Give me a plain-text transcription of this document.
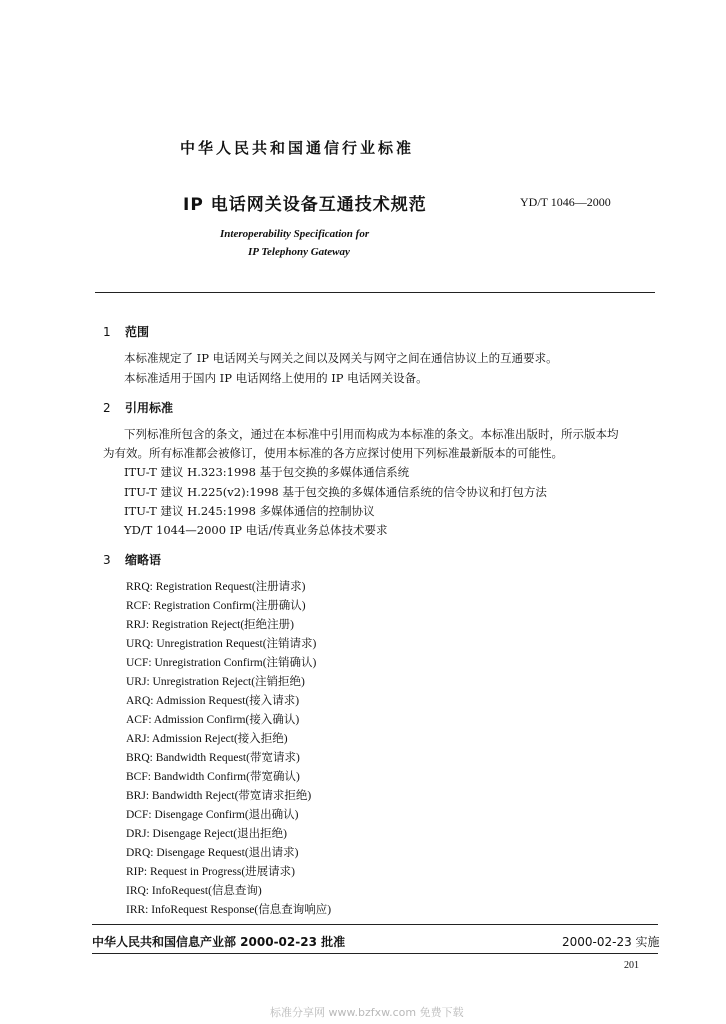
中华人民共和国通信行业标准
IP 电话网关设备互通技术规范	YD/T 1046—2000
Interoperability Specification for
IP Telephony Gateway
1 范围
本标准规定了 IP 电话网关与网关之间以及网关与网守之间在通信协议上的互通要求。
本标准适用于国内 IP 电话网络上使用的 IP 电话网关设备。
2 引用标准
下列标准所包含的条文，通过在本标准中引用而构成为本标准的条文。本标准出版时，所示版本均
为有效。所有标准都会被修订，使用本标准的各方应探讨使用下列标准最新版本的可能性。
ITU-T 建议 H.323:1998 基于包交换的多媒体通信系统
ITU-T 建议 H.225(v2):1998 基于包交换的多媒体通信系统的信令协议和打包方法
ITU-T 建议 H.245:1998 多媒体通信的控制协议
YD/T 1044—2000 IP 电话/传真业务总体技术要求
3 缩略语
RRQ: Registration Request(注册请求)
RCF: Registration Confirm(注册确认)
RRJ: Registration Reject(拒绝注册)
URQ: Unregistration Request(注销请求)
UCF: Unregistration Confirm(注销确认)
URJ: Unregistration Reject(注销拒绝)
ARQ: Admission Request(接入请求)
ACF: Admission Confirm(接入确认)
ARJ: Admission Reject(接入拒绝)
BRQ: Bandwidth Request(带宽请求)
BCF: Bandwidth Confirm(带宽确认)
BRJ: Bandwidth Reject(带宽请求拒绝)
DCF: Disengage Confirm(退出确认)
DRJ: Disengage Reject(退出拒绝)
DRQ: Disengage Request(退出请求)
RIP: Request in Progress(进展请求)
IRQ: InfoRequest(信息查询)
IRR: InfoRequest Response(信息查询响应)
中华人民共和国信息产业部 2000-02-23 批准	2000-02-23 实施
201
标准分享网 www.bzfxw.com 免费下载
